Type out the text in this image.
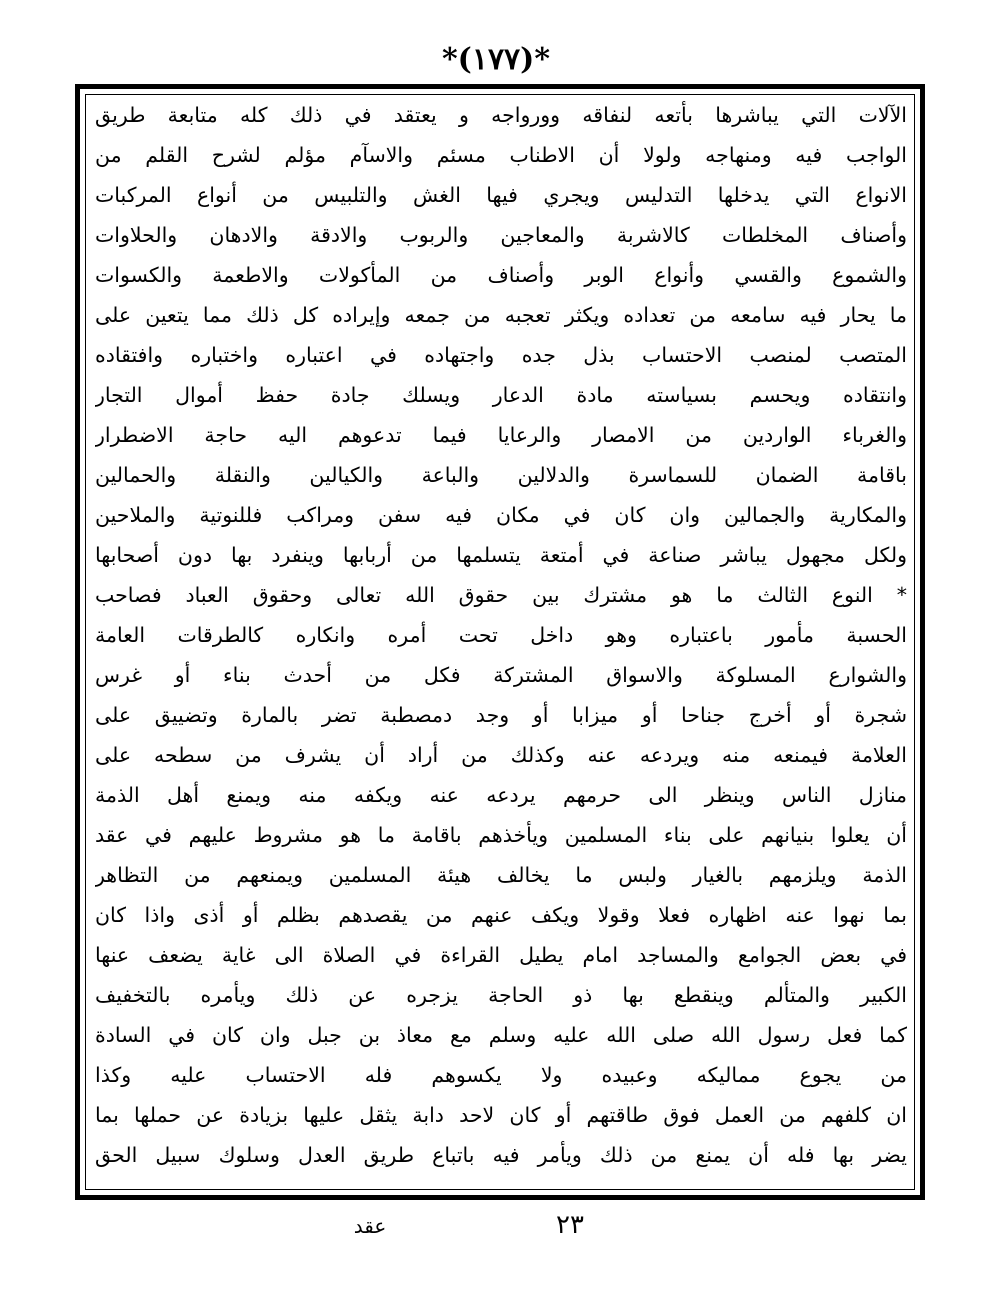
*(١٧٧)*
الآلات التي يباشرها بأتعه لنفاقه وورواجه و يعتقد في ذلك كله متابعة طريق
الواجب فيه ومنهاجه ولولا أن الاطناب مسئم والاسآم مؤلم لشرح القلم من
الانواع التي يدخلها التدليس ويجري فيها الغش والتلبيس من أنواع المركبات
وأصناف المخلطات كالاشربة والمعاجين والربوب والادقة والادهان والحلاوات
والشموع والقسي وأنواع الوبر وأصناف من المأكولات والاطعمة والكسوات
ما يحار فيه سامعه من تعداده ويكثر تعجبه من جمعه وإيراده كل ذلك مما يتعين على
المتصب لمنصب الاحتساب بذل جده واجتهاده في اعتباره واختباره وافتقاده
وانتقاده ويحسم بسياسته مادة الدعار ويسلك جادة حفظ أموال التجار
والغرباء الواردين من الامصار والرعايا فيما تدعوهم اليه حاجة الاضطرار
باقامة الضمان للسماسرة والدلالين والباعة والكيالين والنقلة والحمالين
والمكارية والجمالين وان كان في مكان فيه سفن ومراكب فللنوتية والملاحين
ولكل مجهول يباشر صناعة في أمتعة يتسلمها من أربابها وينفرد بها دون أصحابها
* النوع الثالث ما هو مشترك بين حقوق الله تعالى وحقوق العباد فصاحب
الحسبة مأمور باعتباره وهو داخل تحت أمره وانكاره كالطرقات العامة
والشوارع المسلوكة والاسواق المشتركة فكل من أحدث بناء أو غرس
شجرة أو أخرج جناحا أو ميزابا أو وجد دمصطبة تضر بالمارة وتضييق على
العلامة فيمنعه منه ويردعه عنه وكذلك من أراد أن يشرف من سطحه على
منازل الناس وينظر الى حرمهم يردعه عنه ويكفه منه ويمنع أهل الذمة
أن يعلوا بنيانهم على بناء المسلمين ويأخذهم باقامة ما هو مشروط عليهم في عقد
الذمة ويلزمهم بالغيار ولبس ما يخالف هيئة المسلمين ويمنعهم من التظاهر
بما نهوا عنه اظهاره فعلا وقولا ويكف عنهم من يقصدهم بظلم أو أذى واذا كان
في بعض الجوامع والمساجد امام يطيل القراءة في الصلاة الى غاية يضعف عنها
الكبير والمتألم وينقطع بها ذو الحاجة يزجره عن ذلك ويأمره بالتخفيف
كما فعل رسول الله صلى الله عليه وسلم مع معاذ بن جبل وان كان في السادة
من يجوع مماليكه وعبيده ولا يكسوهم فله الاحتساب عليه وكذا
ان كلفهم من العمل فوق طاقتهم أو كان لاحد دابة يثقل عليها بزيادة عن حملها بما
يضر بها فله أن يمنع من ذلك ويأمر فيه باتباع طريق العدل وسلوك سبيل الحق
عقد	٢٣
